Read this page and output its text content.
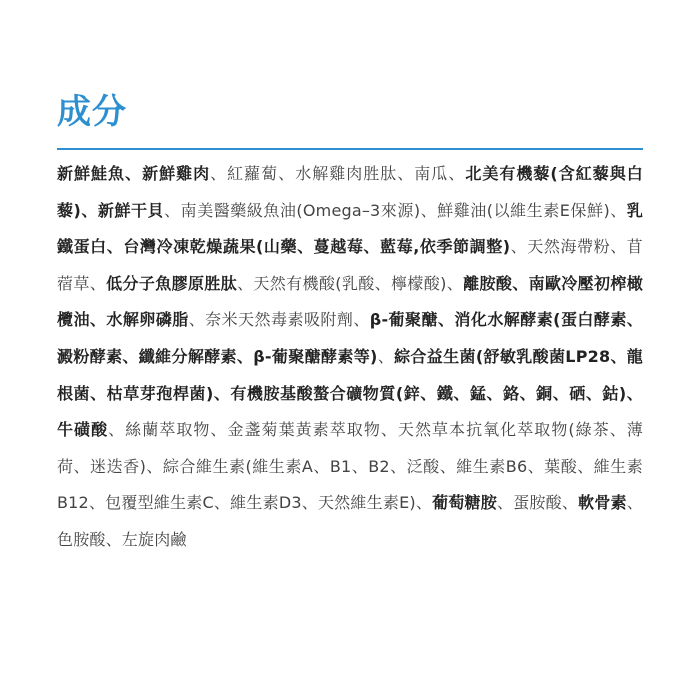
成分

新鮮鮭魚、新鮮雞肉、紅蘿蔔、水解雞肉胜肽、南瓜、北美有機藜(含紅藜與白藜)、新鮮干貝、南美醫藥級魚油(Omega–3來源)、鮮雞油(以維生素E保鮮)、乳鐵蛋白、台灣冷凍乾燥蔬果(山藥、蔓越莓、藍莓,依季節調整)、天然海帶粉、苜蓿草、低分子魚膠原胜肽、天然有機酸(乳酸、檸檬酸)、離胺酸、南歐冷壓初榨橄欖油、水解卵磷脂、奈米天然毒素吸附劑、β-葡聚醣、消化水解酵素(蛋白酵素、澱粉酵素、纖維分解酵素、β-葡聚醣酵素等)、綜合益生菌(舒敏乳酸菌LP28、龍根菌、枯草芽孢桿菌)、有機胺基酸螯合礦物質(鋅、鐵、錳、鉻、銅、硒、鈷)、牛磺酸、絲蘭萃取物、金盞菊葉黃素萃取物、天然草本抗氧化萃取物(綠茶、薄荷、迷迭香)、綜合維生素(維生素A、B1、B2、泛酸、維生素B6、葉酸、維生素B12、包覆型維生素C、維生素D3、天然維生素E)、葡萄糖胺、蛋胺酸、軟骨素、色胺酸、左旋肉鹼
